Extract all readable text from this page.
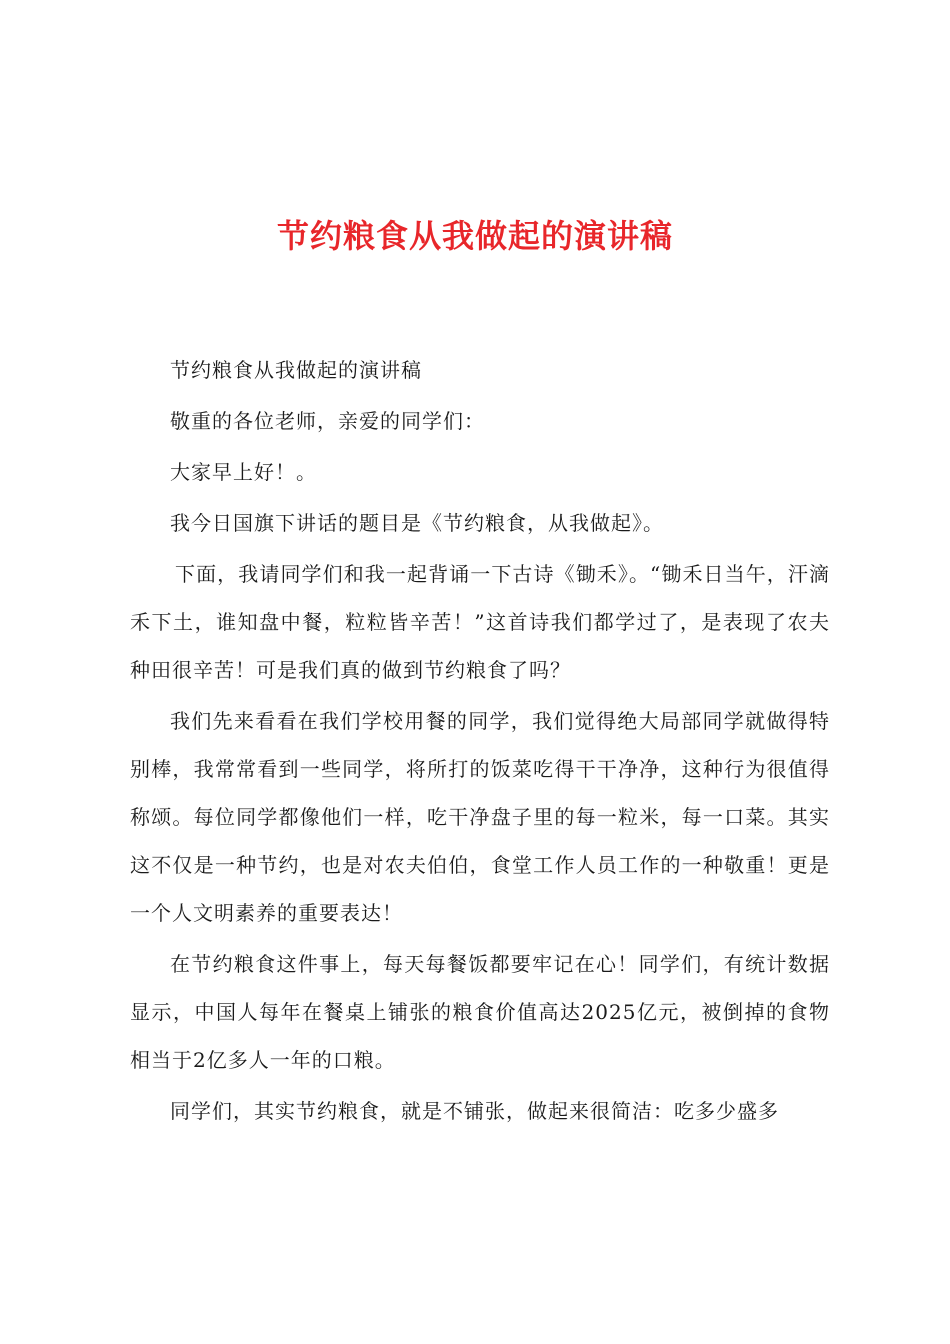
节约粮食从我做起的演讲稿

节约粮食从我做起的演讲稿

敬重的各位老师，亲爱的同学们：

大家早上好！。

我今日国旗下讲话的题目是《节约粮食，从我做起》。

下面，我请同学们和我一起背诵一下古诗《锄禾》。“锄禾日当午，汗滴禾下土，谁知盘中餐，粒粒皆辛苦！”这首诗我们都学过了，是表现了农夫种田很辛苦！可是我们真的做到节约粮食了吗？

我们先来看看在我们学校用餐的同学，我们觉得绝大局部同学就做得特别棒，我常常看到一些同学，将所打的饭菜吃得干干净净，这种行为很值得称颂。每位同学都像他们一样，吃干净盘子里的每一粒米，每一口菜。其实这不仅是一种节约，也是对农夫伯伯，食堂工作人员工作的一种敬重！更是一个人文明素养的重要表达！

在节约粮食这件事上，每天每餐饭都要牢记在心！同学们，有统计数据显示，中国人每年在餐桌上铺张的粮食价值高达2025亿元，被倒掉的食物相当于2亿多人一年的口粮。

同学们，其实节约粮食，就是不铺张，做起来很简洁：吃多少盛多
